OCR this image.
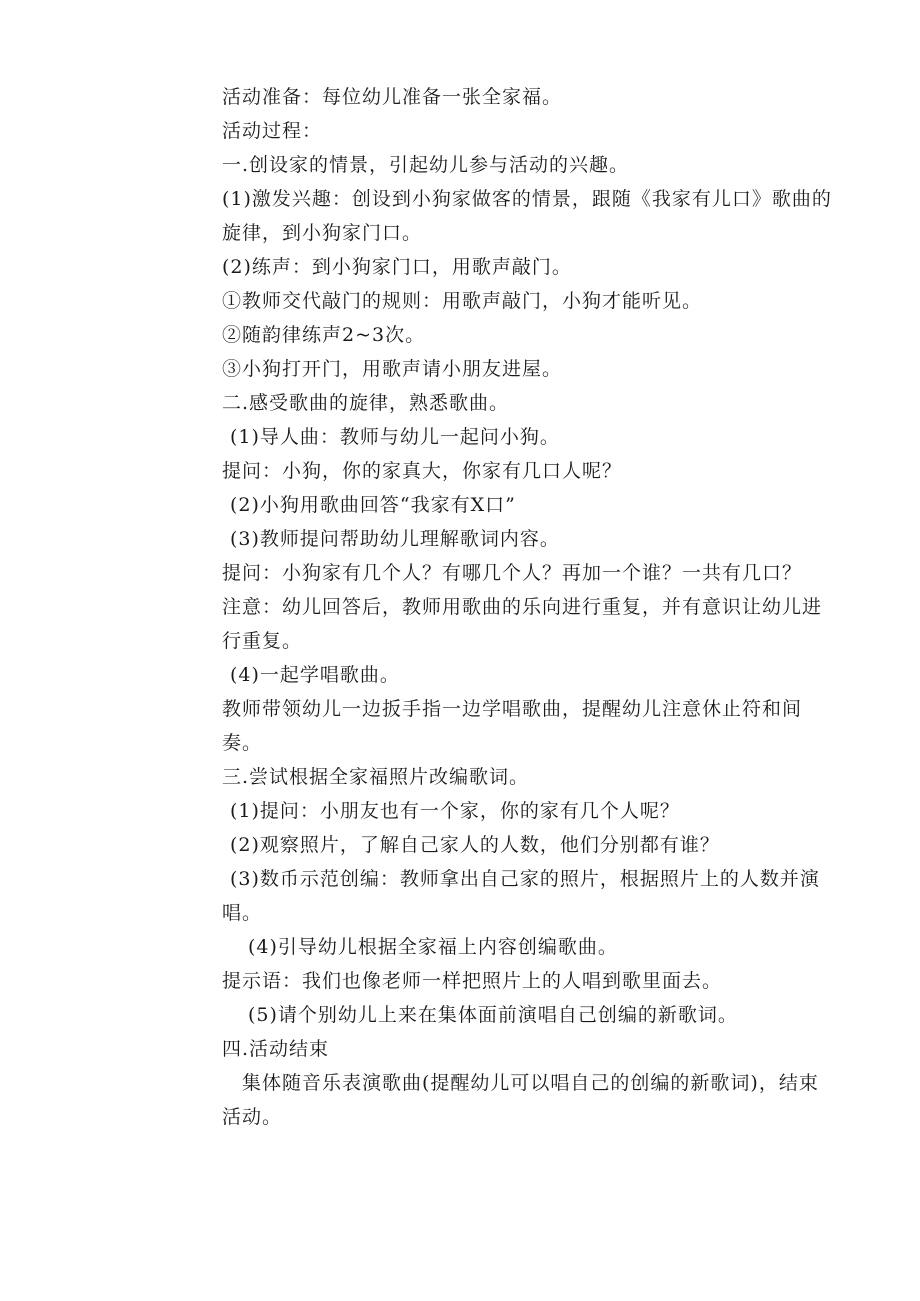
活动准备：每位幼儿准备一张全家福。
活动过程：
一.创设家的情景，引起幼儿参与活动的兴趣。
(1)激发兴趣：创设到小狗家做客的情景，跟随《我家有儿口》歌曲的
旋律，到小狗家门口。
(2)练声：到小狗家门口，用歌声敲门。
①教师交代敲门的规则：用歌声敲门，小狗才能听见。
②随韵律练声2~3次。
③小狗打开门，用歌声请小朋友进屋。
二.感受歌曲的旋律，熟悉歌曲。
(1)导人曲：教师与幼儿一起问小狗。
提问：小狗，你的家真大，你家有几口人呢？
(2)小狗用歌曲回答“我家有X口”
(3)教师提问帮助幼儿理解歌词内容。
提问：小狗家有几个人？有哪几个人？再加一个谁？一共有几口？
注意：幼儿回答后，教师用歌曲的乐向进行重复，并有意识让幼儿进
行重复。
(4)一起学唱歌曲。
教师带领幼儿一边扳手指一边学唱歌曲，提醒幼儿注意休止符和间
奏。
三.尝试根据全家福照片改编歌词。
(1)提问：小朋友也有一个家，你的家有几个人呢？
(2)观察照片，了解自己家人的人数，他们分别都有谁？
(3)数币示范创编：教师拿出自己家的照片，根据照片上的人数并演
唱。
(4)引导幼儿根据全家福上内容创编歌曲。
提示语：我们也像老师一样把照片上的人唱到歌里面去。
(5)请个别幼儿上来在集体面前演唱自己创编的新歌词。
四.活动结束
集体随音乐表演歌曲(提醒幼儿可以唱自己的创编的新歌词)，结束
活动。
